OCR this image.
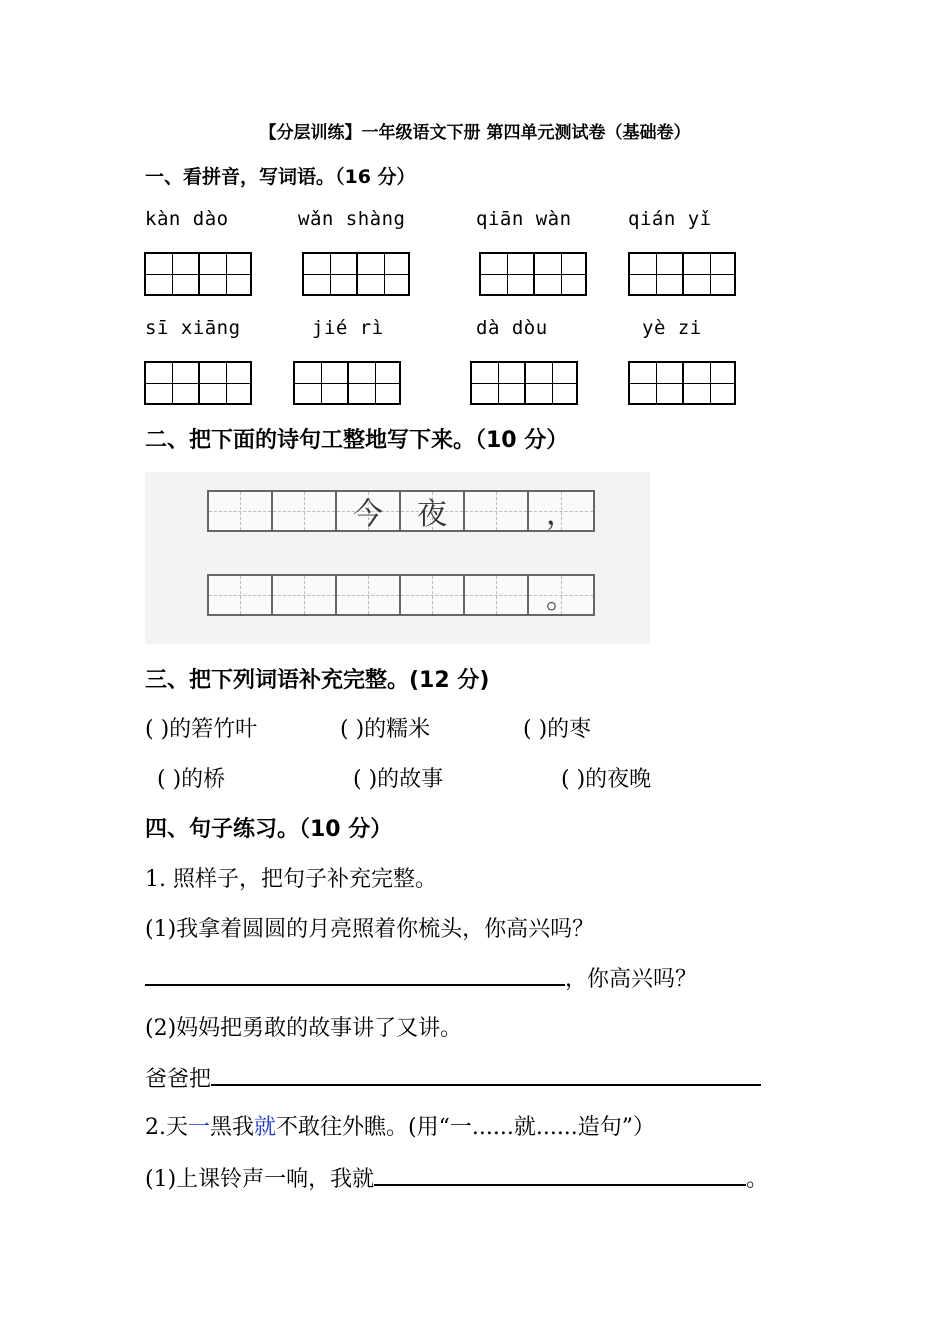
【分层训练】一年级语文下册 第四单元测试卷（基础卷）
一、看拼音，写词语。（16 分）
kàn dào	wǎn shàng	qiān wàn	qián yǐ
sī xiāng	jié rì	dà dòu	yè zi
二、把下面的诗句工整地写下来。（10 分）
今 夜	，
。
三、把下列词语补充完整。(12 分)
( )的箬竹叶	( )的糯米	( )的枣
( )的桥	( )的故事	( )的夜晚
四、句子练习。（10 分）
1. 照样子，把句子补充完整。
(1)我拿着圆圆的月亮照着你梳头，你高兴吗？
，你高兴吗？
(2)妈妈把勇敢的故事讲了又讲。
爸爸把
2.天一黑我就不敢往外瞧。(用“一......就......造句”）
(1)上课铃声一响，我就	。
